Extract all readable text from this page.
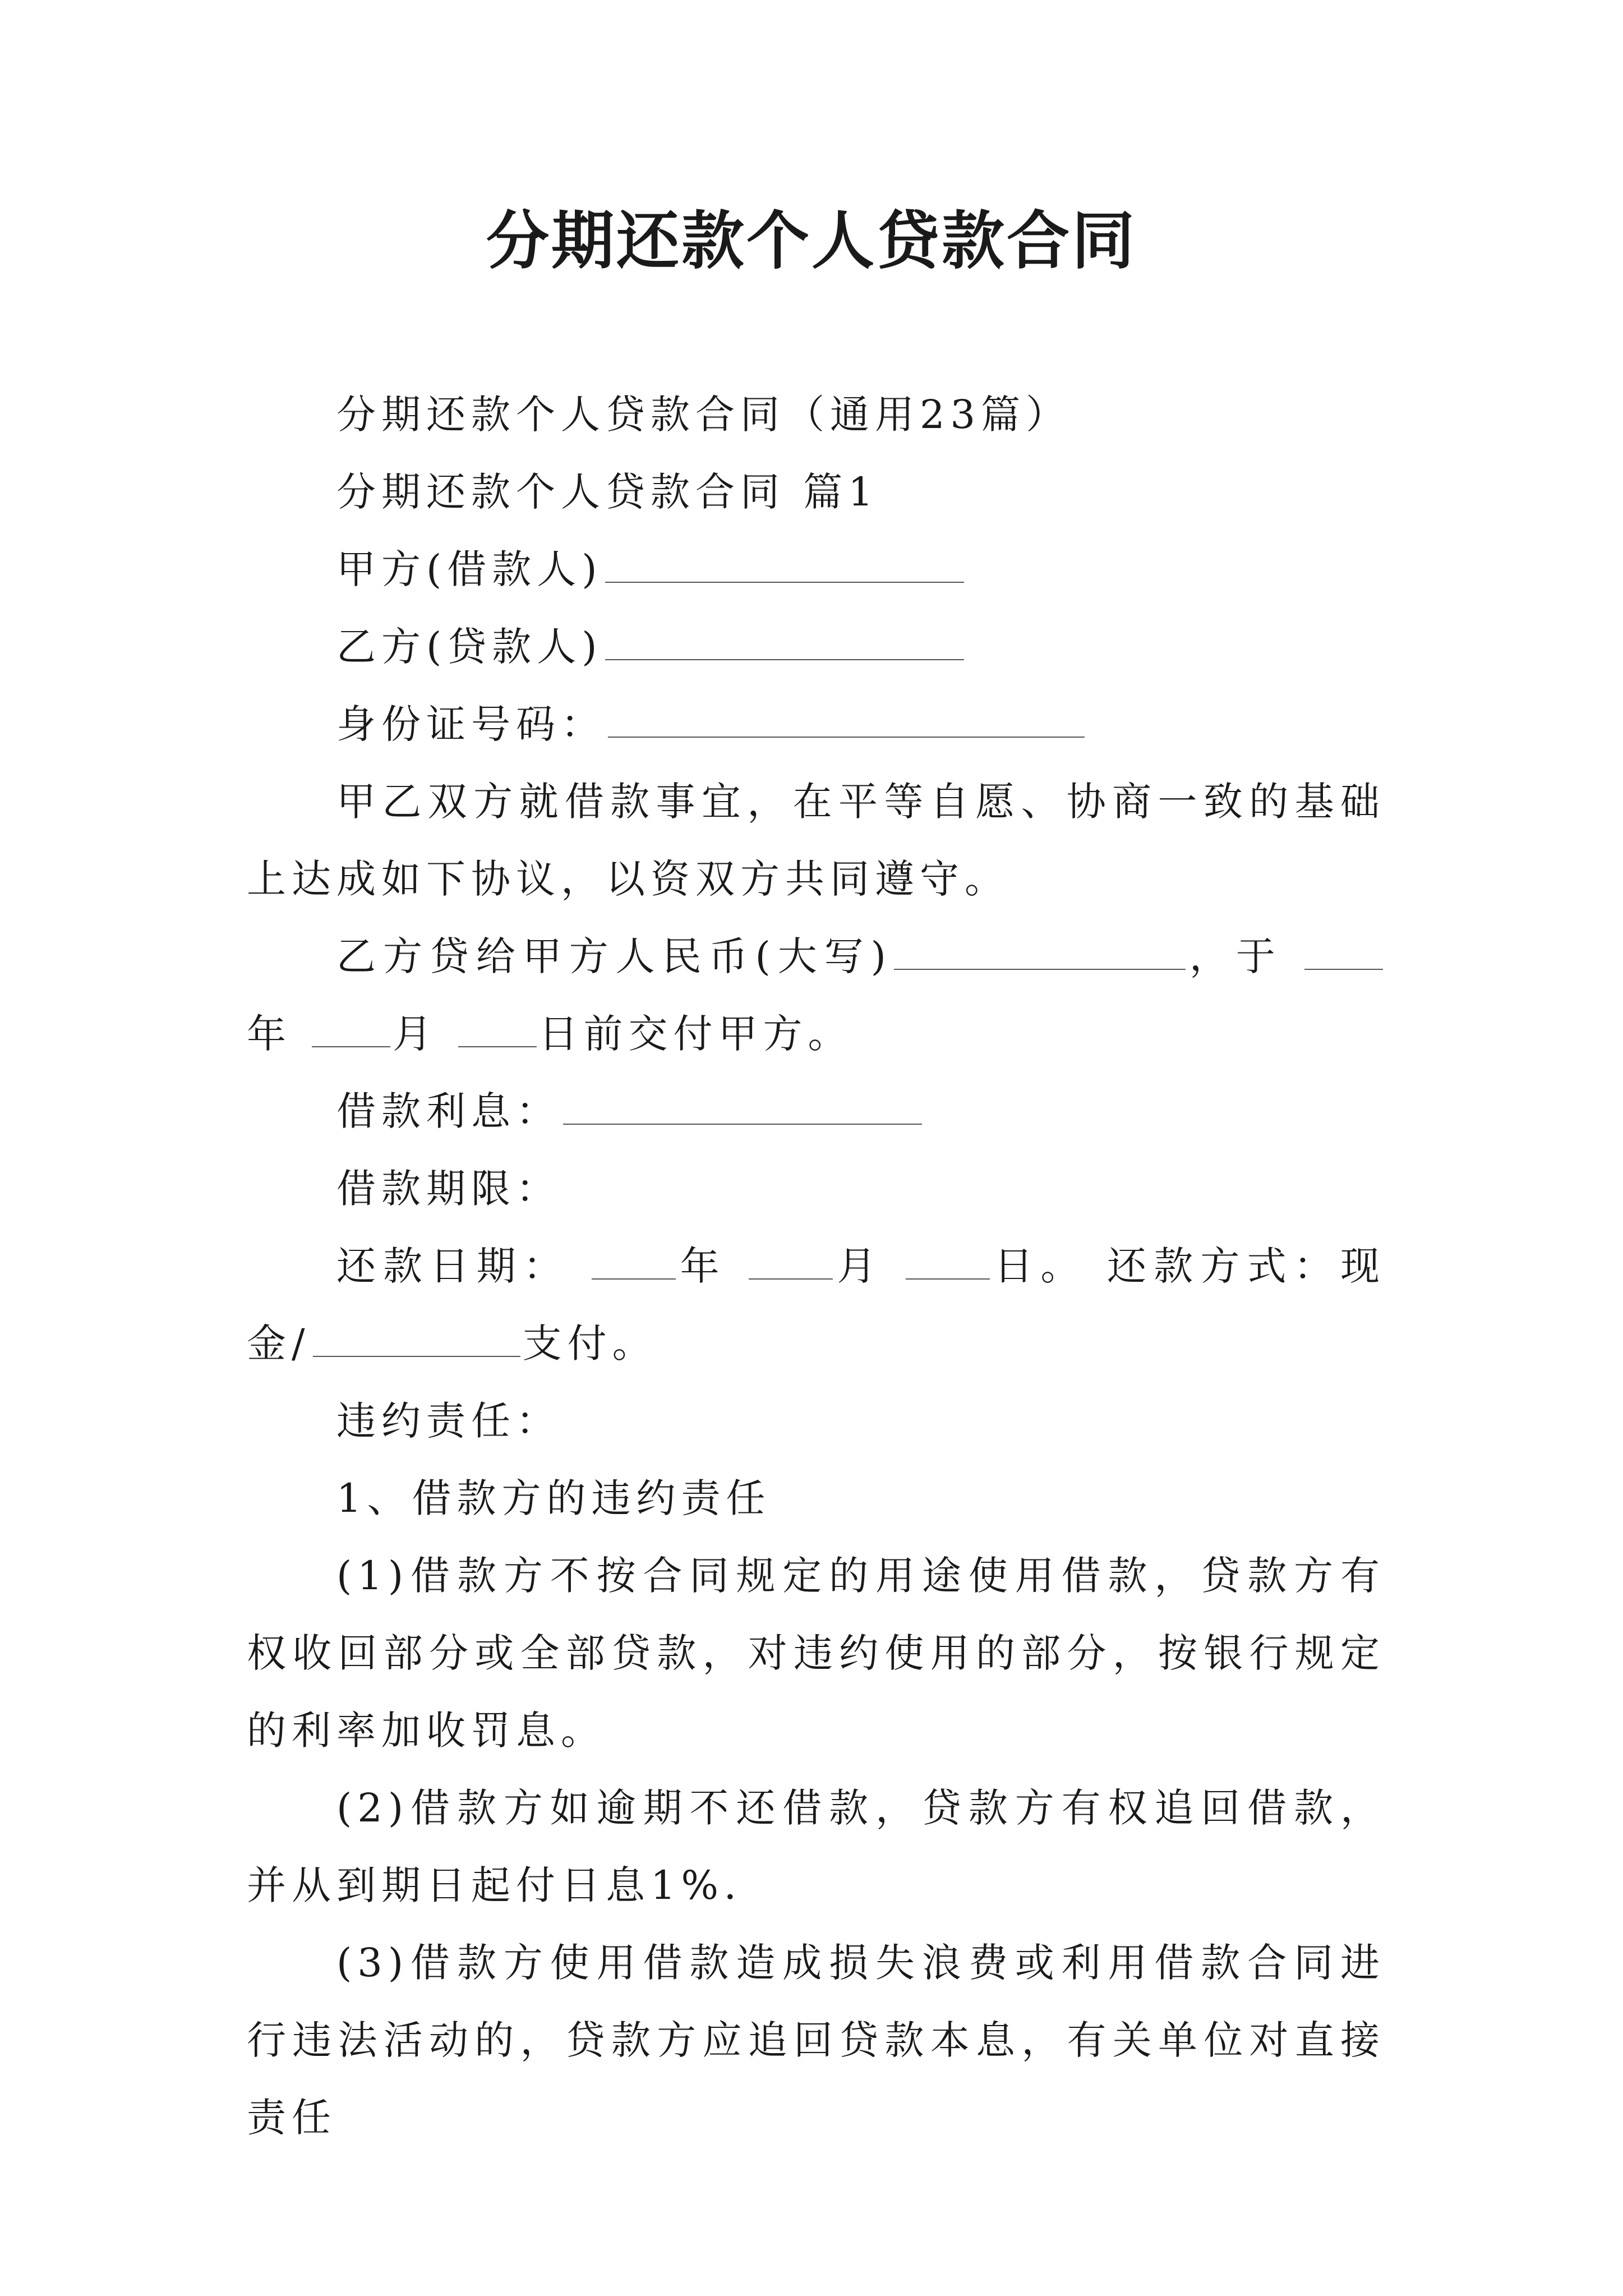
分期还款个人贷款合同

分期还款个人贷款合同（通用23篇）

分期还款个人贷款合同 篇1

甲方(借款人)

乙方(贷款人)

身份证号码：

甲乙双方就借款事宜，在平等自愿、协商一致的基础上达成如下协议，以资双方共同遵守。

乙方贷给甲方人民币(大写)	，于 年	月	日前交付甲方。

借款利息：

借款期限：

还款日期：	年	月	日。 还款方式：现金/	支付。

违约责任：

1、借款方的违约责任

(1)借款方不按合同规定的用途使用借款，贷款方有权收回部分或全部贷款，对违约使用的部分，按银行规定的利率加收罚息。

(2)借款方如逾期不还借款，贷款方有权追回借款，并从到期日起付日息1%．

(3)借款方使用借款造成损失浪费或利用借款合同进行违法活动的，贷款方应追回贷款本息，有关单位对直接责任
